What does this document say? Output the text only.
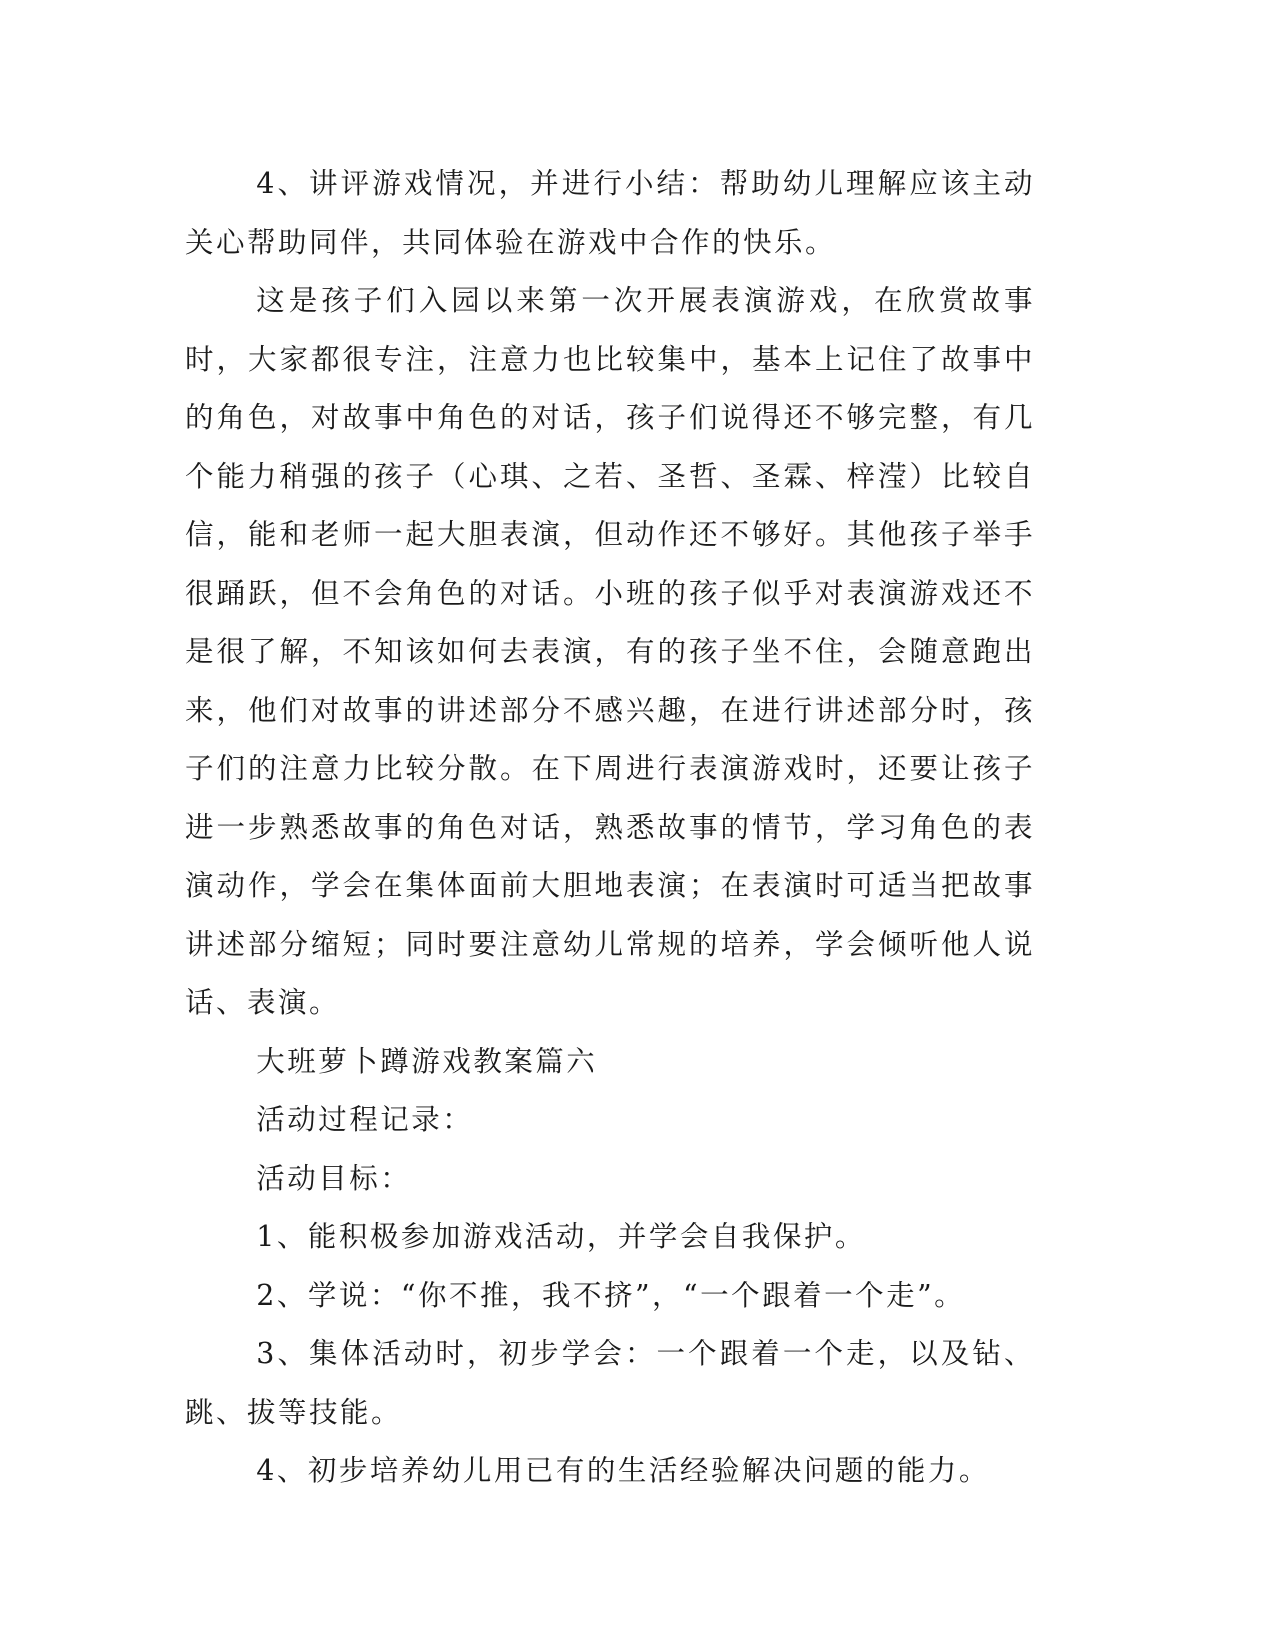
4、讲评游戏情况，并进行小结：帮助幼儿理解应该主动关心帮助同伴，共同体验在游戏中合作的快乐。

这是孩子们入园以来第一次开展表演游戏，在欣赏故事时，大家都很专注，注意力也比较集中，基本上记住了故事中的角色，对故事中角色的对话，孩子们说得还不够完整，有几个能力稍强的孩子（心琪、之若、圣哲、圣霖、梓滢）比较自信，能和老师一起大胆表演，但动作还不够好。其他孩子举手很踊跃，但不会角色的对话。小班的孩子似乎对表演游戏还不是很了解，不知该如何去表演，有的孩子坐不住，会随意跑出来，他们对故事的讲述部分不感兴趣，在进行讲述部分时，孩子们的注意力比较分散。在下周进行表演游戏时，还要让孩子进一步熟悉故事的角色对话，熟悉故事的情节，学习角色的表演动作，学会在集体面前大胆地表演；在表演时可适当把故事讲述部分缩短；同时要注意幼儿常规的培养，学会倾听他人说话、表演。

大班萝卜蹲游戏教案篇六

活动过程记录：

活动目标：

1、能积极参加游戏活动，并学会自我保护。

2、学说：“你不推，我不挤”，“一个跟着一个走”。

3、集体活动时，初步学会：一个跟着一个走，以及钻、跳、拔等技能。

4、初步培养幼儿用已有的生活经验解决问题的能力。
